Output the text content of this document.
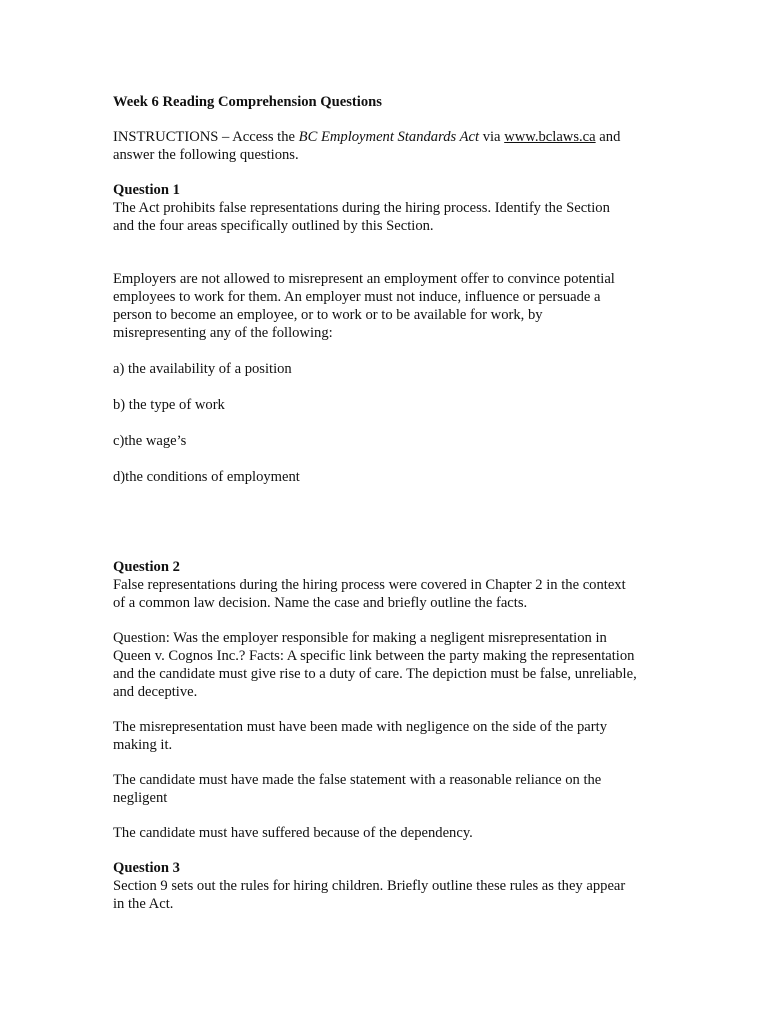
Week 6 Reading Comprehension Questions

INSTRUCTIONS – Access the BC Employment Standards Act via www.bclaws.ca and

answer the following questions.

Question 1

The Act prohibits false representations during the hiring process. Identify the Section

and the four areas specifically outlined by this Section.

Employers are not allowed to misrepresent an employment offer to convince potential

employees to work for them. An employer must not induce, influence or persuade a

person to become an employee, or to work or to be available for work, by

misrepresenting any of the following:

a) the availability of a position

b) the type of work

c)the wage’s

d)the conditions of employment

Question 2

False representations during the hiring process were covered in Chapter 2 in the context

of a common law decision. Name the case and briefly outline the facts.

Question: Was the employer responsible for making a negligent misrepresentation in

Queen v. Cognos Inc.? Facts: A specific link between the party making the representation

and the candidate must give rise to a duty of care. The depiction must be false, unreliable,

and deceptive.

The misrepresentation must have been made with negligence on the side of the party

making it.

The candidate must have made the false statement with a reasonable reliance on the

negligent

The candidate must have suffered because of the dependency.

Question 3

Section 9 sets out the rules for hiring children. Briefly outline these rules as they appear

in the Act.
